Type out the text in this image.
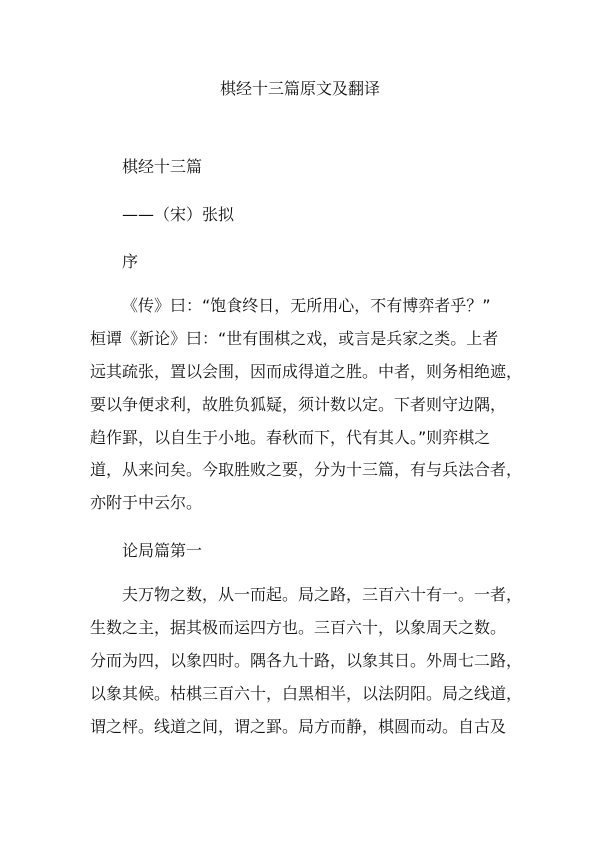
棋经十三篇原文及翻译

棋经十三篇

——（宋）张拟

序

《传》曰：“饱食终日，无所用心，不有博弈者乎？”

桓谭《新论》曰：“世有围棋之戏，或言是兵家之类。上者

远其疏张，置以会围，因而成得道之胜。中者，则务相绝遮，

要以争便求利，故胜负狐疑，须计数以定。下者则守边隅，

趋作罫，以自生于小地。春秋而下，代有其人。”则弈棋之

道，从来问矣。今取胜败之要，分为十三篇，有与兵法合者，

亦附于中云尔。

论局篇第一

夫万物之数，从一而起。局之路，三百六十有一。一者，

生数之主，据其极而运四方也。三百六十，以象周天之数。

分而为四，以象四时。隅各九十路，以象其日。外周七二路，

以象其候。枯棋三百六十，白黑相半，以法阴阳。局之线道，

谓之枰。线道之间，谓之罫。局方而静，棋圆而动。自古及
